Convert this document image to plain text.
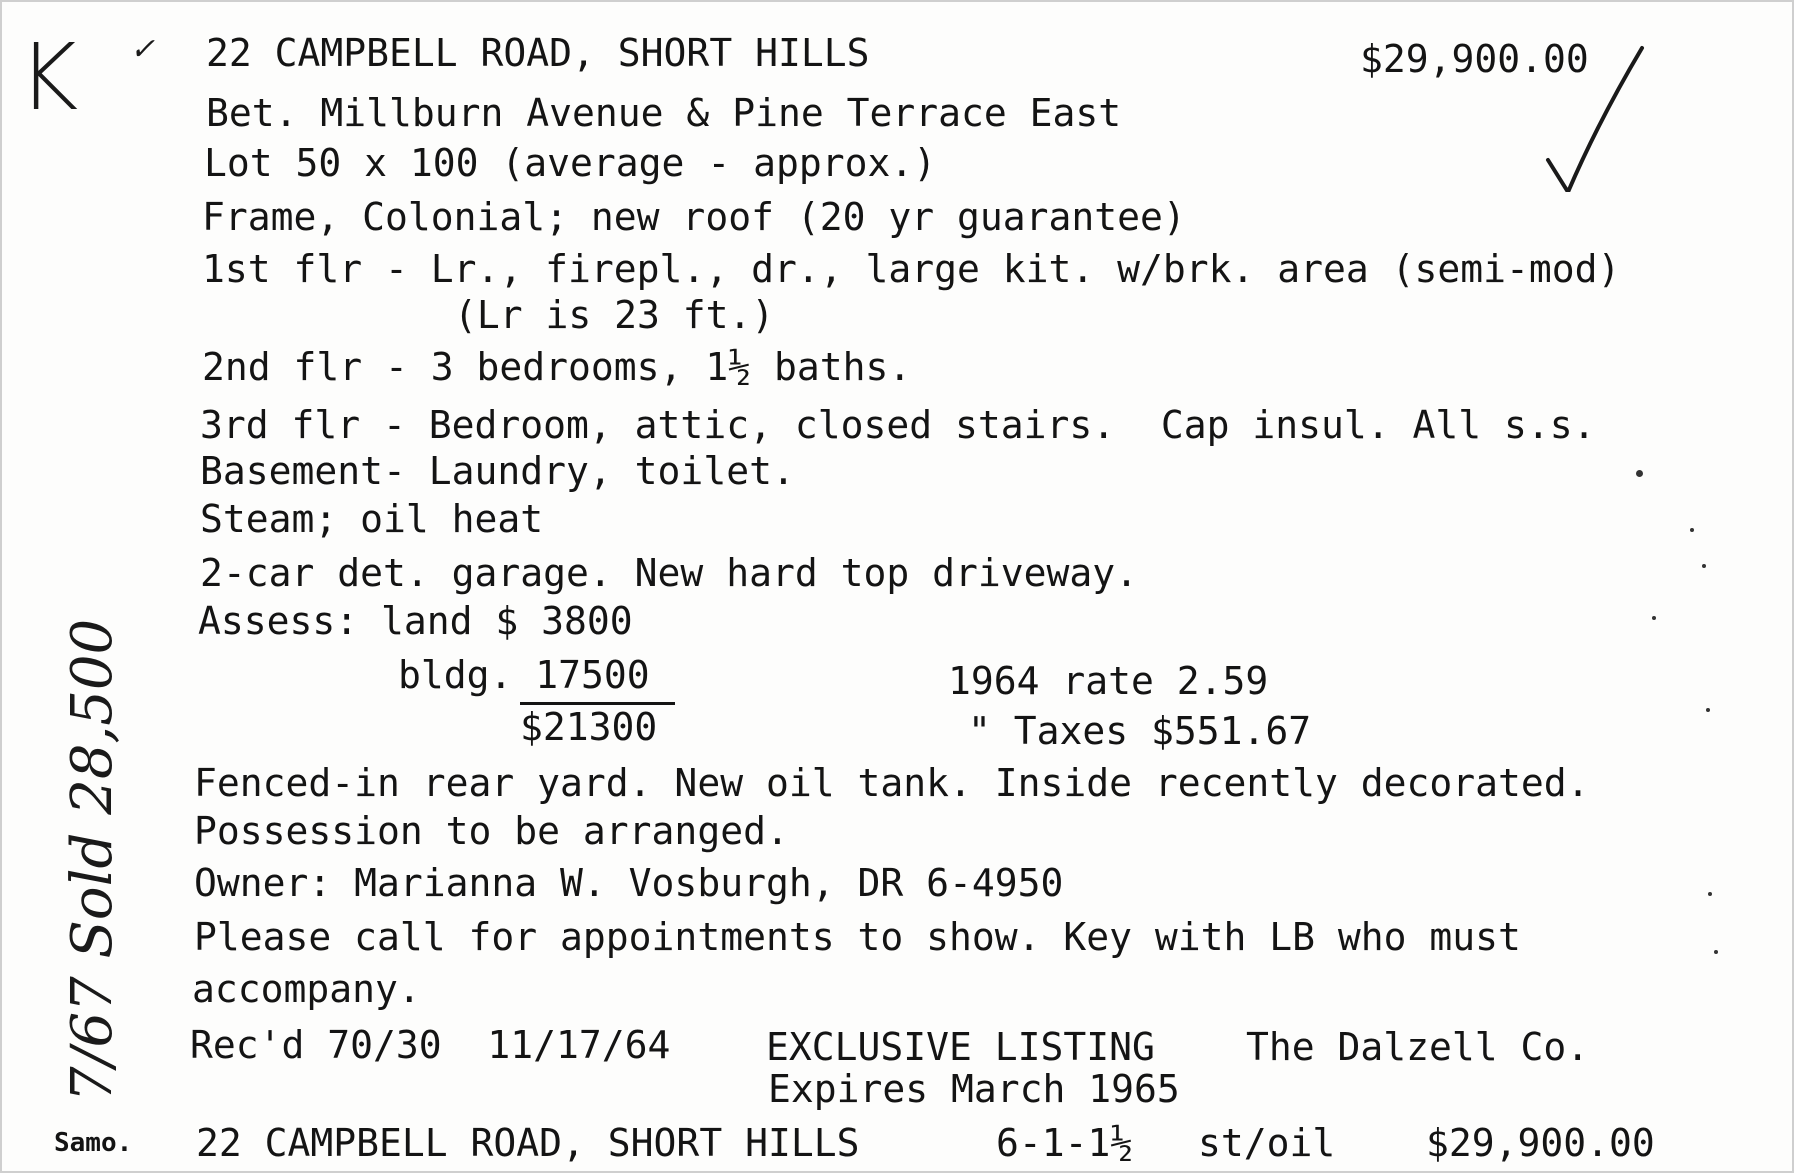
K ✓ 22 CAMPBELL ROAD, SHORT HILLS	$29,900.00
Bet. Millburn Avenue & Pine Terrace East
Lot 50 x 100 (average - approx.)
Frame, Colonial; new roof (20 yr guarantee)
1st flr - Lr., firepl., dr., large kit. w/brk. area (semi-mod)
(Lr is 23 ft.)
2nd flr - 3 bedrooms, 1½ baths.
3rd flr - Bedroom, attic, closed stairs.  Cap insul. All s.s.
Basement- Laundry, toilet.
Steam; oil heat
2-car det. garage. New hard top driveway.
Assess: land $ 3800
bldg. 17500
$21300
1964 rate 2.59
" Taxes $551.67
Fenced-in rear yard. New oil tank. Inside recently decorated.
Possession to be arranged.
Owner: Marianna W. Vosburgh, DR 6-4950
Please call for appointments to show. Key with LB who must
accompany.
Rec'd 70/30  11/17/64	EXCLUSIVE LISTING The Dalzell Co.
Expires March 1965
Samo. 22 CAMPBELL ROAD, SHORT HILLS	6-1-1½ st/oil $29,900.00
7/67 Sold 28,500
